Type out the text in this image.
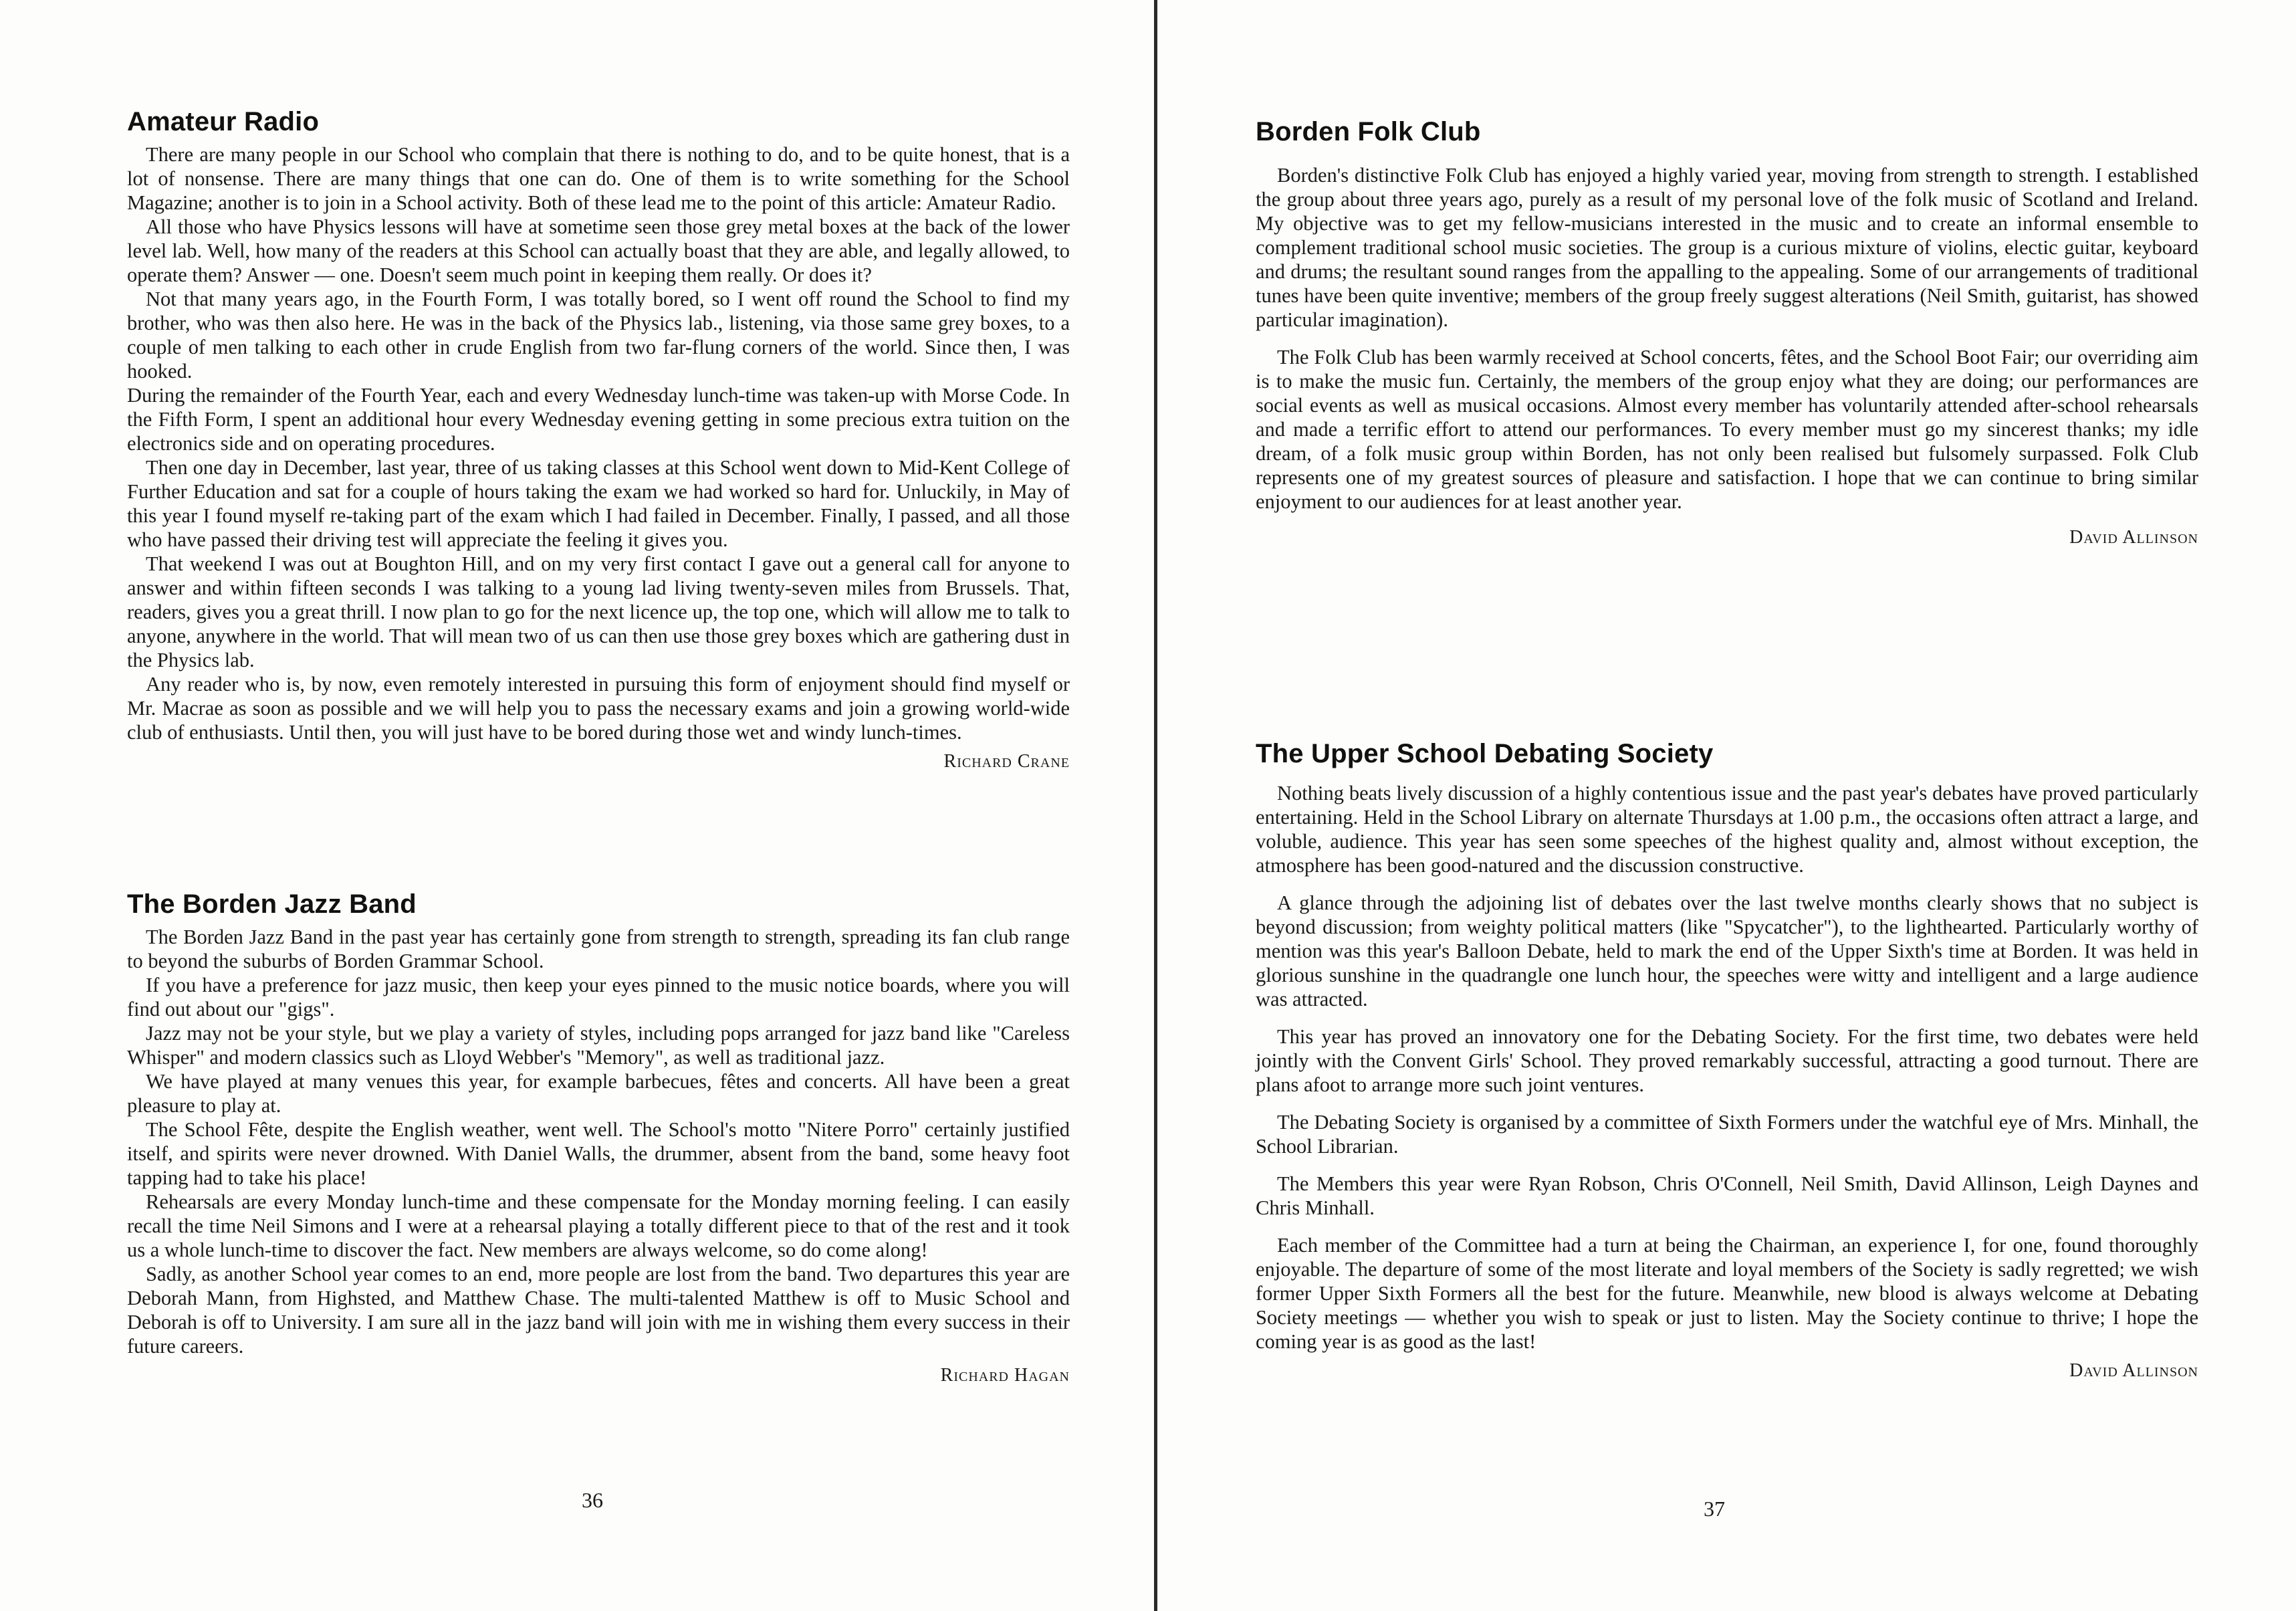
Amateur Radio

There are many people in our School who complain that there is nothing to do, and to be quite honest, that is a lot of nonsense. There are many things that one can do. One of them is to write something for the School Magazine; another is to join in a School activity. Both of these lead me to the point of this article: Amateur Radio.

All those who have Physics lessons will have at sometime seen those grey metal boxes at the back of the lower level lab. Well, how many of the readers at this School can actually boast that they are able, and legally allowed, to operate them? Answer — one. Doesn't seem much point in keeping them really. Or does it?

Not that many years ago, in the Fourth Form, I was totally bored, so I went off round the School to find my brother, who was then also here. He was in the back of the Physics lab., listening, via those same grey boxes, to a couple of men talking to each other in crude English from two far-flung corners of the world. Since then, I was hooked.

During the remainder of the Fourth Year, each and every Wednesday lunch-time was taken-up with Morse Code. In the Fifth Form, I spent an additional hour every Wednesday evening getting in some precious extra tuition on the electronics side and on operating procedures.

Then one day in December, last year, three of us taking classes at this School went down to Mid-Kent College of Further Education and sat for a couple of hours taking the exam we had worked so hard for. Unluckily, in May of this year I found myself re-taking part of the exam which I had failed in December. Finally, I passed, and all those who have passed their driving test will appreciate the feeling it gives you.

That weekend I was out at Boughton Hill, and on my very first contact I gave out a general call for anyone to answer and within fifteen seconds I was talking to a young lad living twenty-seven miles from Brussels. That, readers, gives you a great thrill. I now plan to go for the next licence up, the top one, which will allow me to talk to anyone, anywhere in the world. That will mean two of us can then use those grey boxes which are gathering dust in the Physics lab.

Any reader who is, by now, even remotely interested in pursuing this form of enjoyment should find myself or Mr. Macrae as soon as possible and we will help you to pass the necessary exams and join a growing world-wide club of enthusiasts. Until then, you will just have to be bored during those wet and windy lunch-times.

Richard Crane
The Borden Jazz Band

The Borden Jazz Band in the past year has certainly gone from strength to strength, spreading its fan club range to beyond the suburbs of Borden Grammar School.

If you have a preference for jazz music, then keep your eyes pinned to the music notice boards, where you will find out about our "gigs".

Jazz may not be your style, but we play a variety of styles, including pops arranged for jazz band like "Careless Whisper" and modern classics such as Lloyd Webber's "Memory", as well as traditional jazz.

We have played at many venues this year, for example barbecues, fêtes and concerts. All have been a great pleasure to play at.

The School Fête, despite the English weather, went well. The School's motto "Nitere Porro" certainly justified itself, and spirits were never drowned. With Daniel Walls, the drummer, absent from the band, some heavy foot tapping had to take his place!

Rehearsals are every Monday lunch-time and these compensate for the Monday morning feeling. I can easily recall the time Neil Simons and I were at a rehearsal playing a totally different piece to that of the rest and it took us a whole lunch-time to discover the fact. New members are always welcome, so do come along!

Sadly, as another School year comes to an end, more people are lost from the band. Two departures this year are Deborah Mann, from Highsted, and Matthew Chase. The multi-talented Matthew is off to Music School and Deborah is off to University. I am sure all in the jazz band will join with me in wishing them every success in their future careers.

Richard Hagan
36
Borden Folk Club

Borden's distinctive Folk Club has enjoyed a highly varied year, moving from strength to strength. I established the group about three years ago, purely as a result of my personal love of the folk music of Scotland and Ireland. My objective was to get my fellow-musicians interested in the music and to create an informal ensemble to complement traditional school music societies. The group is a curious mixture of violins, electic guitar, keyboard and drums; the resultant sound ranges from the appalling to the appealing. Some of our arrangements of traditional tunes have been quite inventive; members of the group freely suggest alterations (Neil Smith, guitarist, has showed particular imagination).

The Folk Club has been warmly received at School concerts, fêtes, and the School Boot Fair; our overriding aim is to make the music fun. Certainly, the members of the group enjoy what they are doing; our performances are social events as well as musical occasions. Almost every member has voluntarily attended after-school rehearsals and made a terrific effort to attend our performances. To every member must go my sincerest thanks; my idle dream, of a folk music group within Borden, has not only been realised but fulsomely surpassed. Folk Club represents one of my greatest sources of pleasure and satisfaction. I hope that we can continue to bring similar enjoyment to our audiences for at least another year.

David Allinson
The Upper School Debating Society

Nothing beats lively discussion of a highly contentious issue and the past year's debates have proved particularly entertaining. Held in the School Library on alternate Thursdays at 1.00 p.m., the occasions often attract a large, and voluble, audience. This year has seen some speeches of the highest quality and, almost without exception, the atmosphere has been good-natured and the discussion constructive.

A glance through the adjoining list of debates over the last twelve months clearly shows that no subject is beyond discussion; from weighty political matters (like "Spycatcher"), to the lighthearted. Particularly worthy of mention was this year's Balloon Debate, held to mark the end of the Upper Sixth's time at Borden. It was held in glorious sunshine in the quadrangle one lunch hour, the speeches were witty and intelligent and a large audience was attracted.

This year has proved an innovatory one for the Debating Society. For the first time, two debates were held jointly with the Convent Girls' School. They proved remarkably successful, attracting a good turnout. There are plans afoot to arrange more such joint ventures.

The Debating Society is organised by a committee of Sixth Formers under the watchful eye of Mrs. Minhall, the School Librarian.

The Members this year were Ryan Robson, Chris O'Connell, Neil Smith, David Allinson, Leigh Daynes and Chris Minhall.

Each member of the Committee had a turn at being the Chairman, an experience I, for one, found thoroughly enjoyable. The departure of some of the most literate and loyal members of the Society is sadly regretted; we wish former Upper Sixth Formers all the best for the future. Meanwhile, new blood is always welcome at Debating Society meetings — whether you wish to speak or just to listen. May the Society continue to thrive; I hope the coming year is as good as the last!

David Allinson
37
